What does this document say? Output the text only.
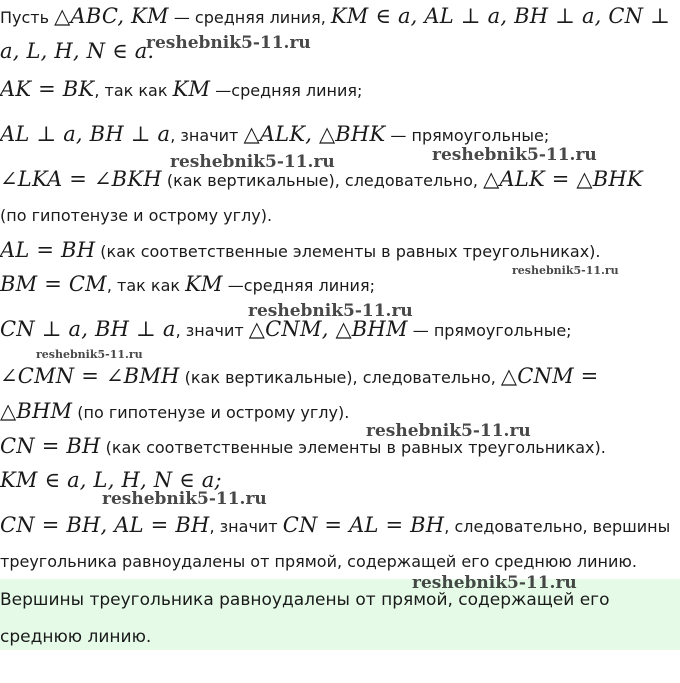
Пусть △ABC, KM — средняя линия, KM ∈ a, AL ⊥ a, BH ⊥ a, CN ⊥
a, L, H, N ∈ a.
AK = BK, так как KM —средняя линия;
AL ⊥ a, BH ⊥ a, значит △ALK, △BHK — прямоугольные;
∠LKA = ∠BKH (как вертикальные), следовательно, △ALK = △BHK
(по гипотенузе и острому углу).
AL = BH (как соответственные элементы в равных треугольниках).
BM = CM, так как KM —средняя линия;
CN ⊥ a, BH ⊥ a, значит △CNM, △BHM — прямоугольные;
∠CMN = ∠BMH (как вертикальные), следовательно, △CNM =
△BHM (по гипотенузе и острому углу).
CN = BH (как соответственные элементы в равных треугольниках).
KM ∈ a, L, H, N ∈ a;
CN = BH, AL = BH, значит CN = AL = BH, следовательно, вершины
треугольника равноудалены от прямой, содержащей его среднюю линию.
Вершины треугольника равноудалены от прямой, содержащей его
среднюю линию.
reshebnik5-11.ru
reshebnik5-11.ru	reshebnik5-11.ru
reshebnik5-11.ru
reshebnik5-11.ru
reshebnik5-11.ru
reshebnik5-11.ru
reshebnik5-11.ru
reshebnik5-11.ru
